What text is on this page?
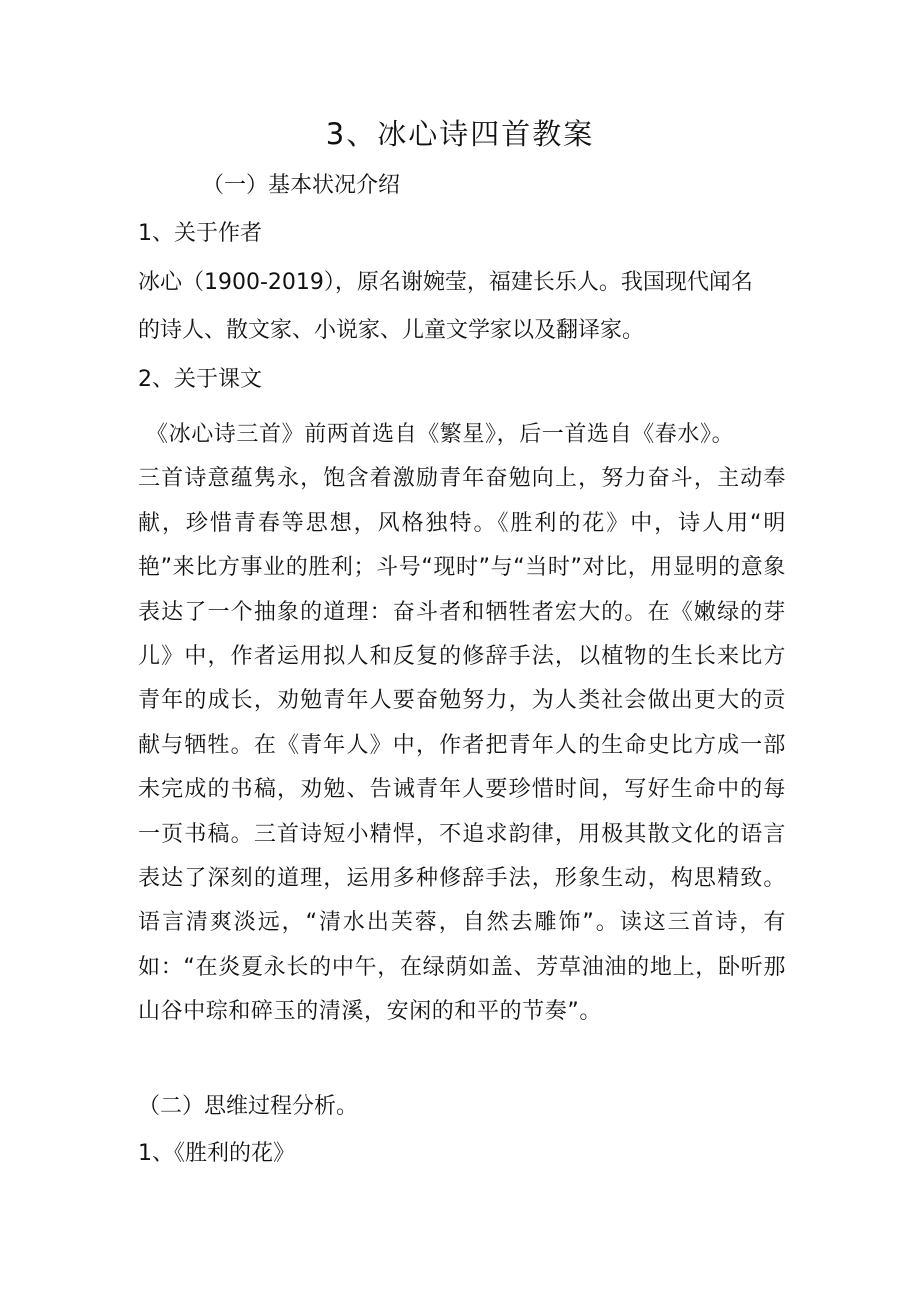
3、冰心诗四首教案
（一）基本状况介绍
1、关于作者
冰心（1900-2019），原名谢婉莹，福建长乐人。我国现代闻名
的诗人、散文家、小说家、儿童文学家以及翻译家。
2、关于课文
《冰心诗三首》前两首选自《繁星》，后一首选自《春水》。
三首诗意蕴隽永，饱含着激励青年奋勉向上，努力奋斗，主动奉献，珍惜青春等思想，风格独特。《胜利的花》中，诗人用“明艳”来比方事业的胜利；斗号“现时”与“当时”对比，用显明的意象表达了一个抽象的道理：奋斗者和牺牲者宏大的。在《嫩绿的芽儿》中，作者运用拟人和反复的修辞手法，以植物的生长来比方青年的成长，劝勉青年人要奋勉努力，为人类社会做出更大的贡献与牺牲。在《青年人》中，作者把青年人的生命史比方成一部未完成的书稿，劝勉、告诫青年人要珍惜时间，写好生命中的每一页书稿。三首诗短小精悍，不追求韵律，用极其散文化的语言表达了深刻的道理，运用多种修辞手法，形象生动，构思精致。语言清爽淡远，“清水出芙蓉，自然去雕饰”。读这三首诗，有如：“在炎夏永长的中午，在绿荫如盖、芳草油油的地上，卧听那山谷中琮和碎玉的清溪，安闲的和平的节奏”。
（二）思维过程分析。
1、《胜利的花》
